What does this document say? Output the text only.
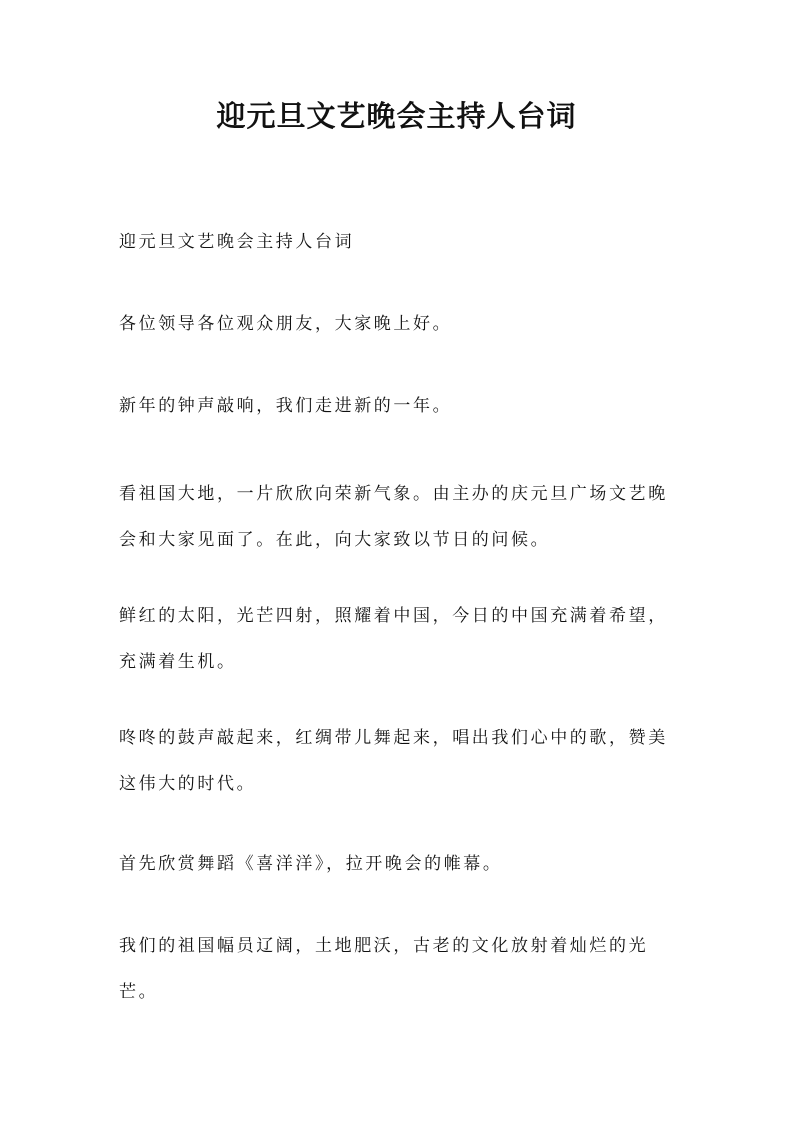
迎元旦文艺晚会主持人台词

迎元旦文艺晚会主持人台词

各位领导各位观众朋友，大家晚上好。

新年的钟声敲响，我们走进新的一年。

看祖国大地，一片欣欣向荣新气象。由主办的庆元旦广场文艺晚会和大家见面了。在此，向大家致以节日的问候。

鲜红的太阳，光芒四射，照耀着中国，今日的中国充满着希望，充满着生机。

咚咚的鼓声敲起来，红绸带儿舞起来，唱出我们心中的歌，赞美这伟大的时代。

首先欣赏舞蹈《喜洋洋》，拉开晚会的帷幕。

我们的祖国幅员辽阔，土地肥沃，古老的文化放射着灿烂的光芒。
